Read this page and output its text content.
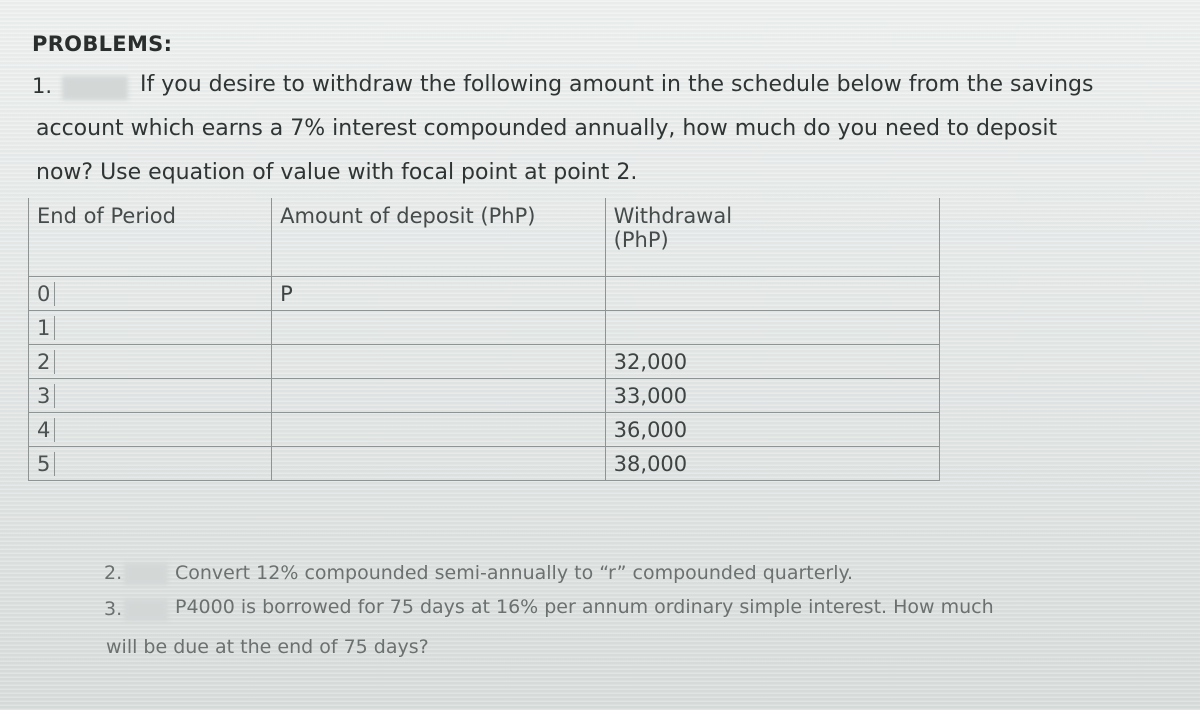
PROBLEMS:
1.	If you desire to withdraw the following amount in the schedule below from the savings
account which earns a 7% interest compounded annually, how much do you need to deposit
now? Use equation of value with focal point at point 2.
End of Period	Amount of deposit (PhP)	Withdrawal
(PhP)

0	P	
1		
2		32,000
3		33,000
4		36,000
5		38,000
2.	Convert 12% compounded semi-annually to “r” compounded quarterly.
3.	P4000 is borrowed for 75 days at 16% per annum ordinary simple interest. How much
will be due at the end of 75 days?
